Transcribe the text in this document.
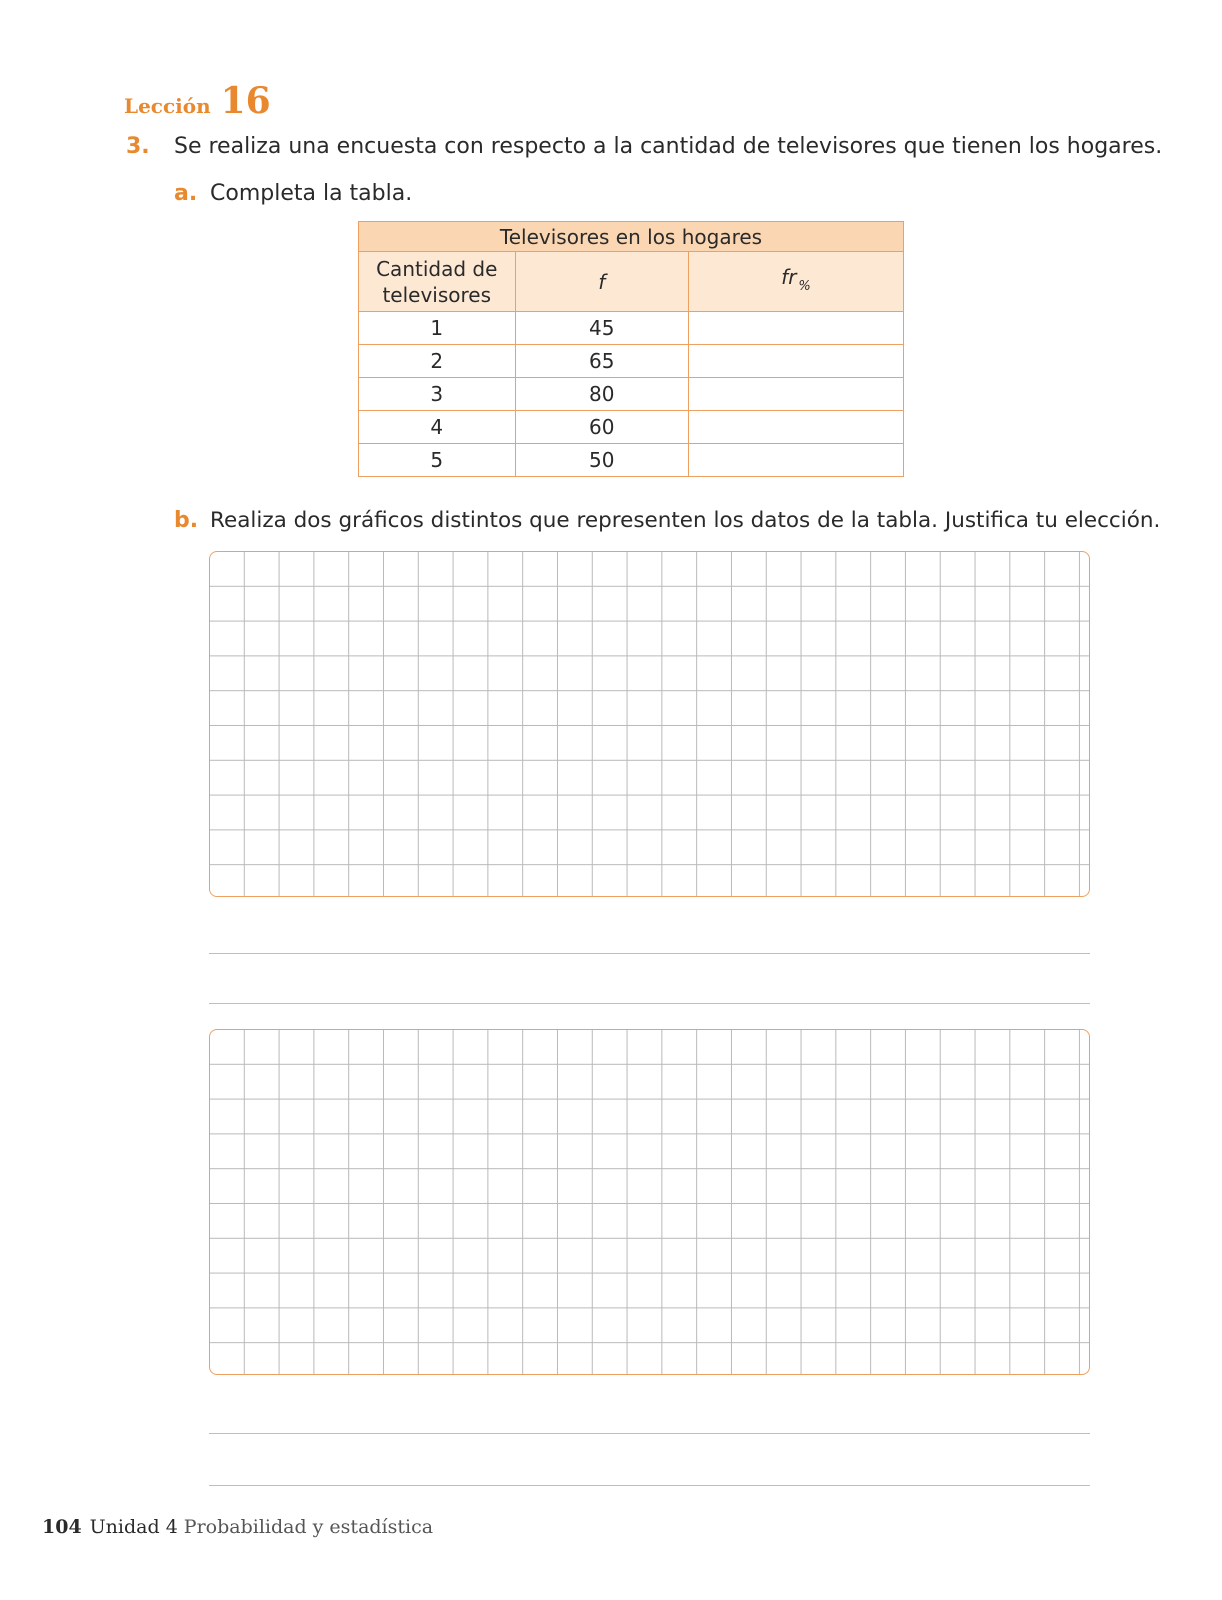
Lección 16
3. Se realiza una encuesta con respecto a la cantidad de televisores que tienen los hogares.
a. Completa la tabla.
Televisores en los hogares		
Cantidad de televisores	f	fr $_{\%}$
1	45	
2	65	
3	80	
4	60	
5	50	
b. Realiza dos gráficos distintos que representen los datos de la tabla. Justifica tu elección.
104 Unidad 4 Probabilidad y estadística
